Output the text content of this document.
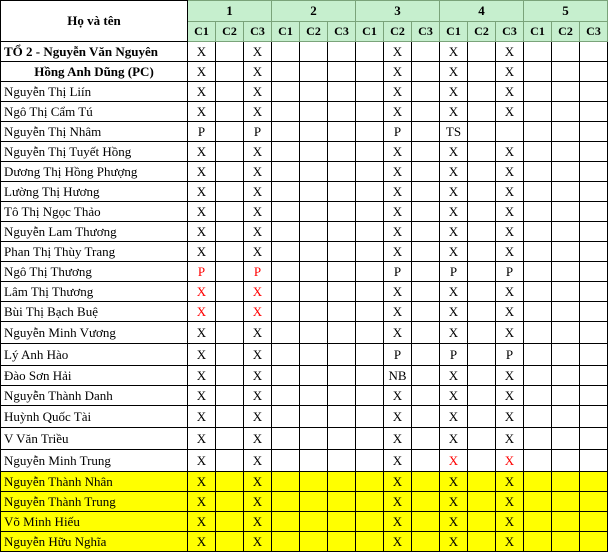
Họ và tên	1			2			3			4			5		
	C1	C2	C3	C1	C2	C3	C1	C2	C3	C1	C2	C3	C1	C2	C3
TỔ 2 - Nguyễn Văn Nguyên	X		X					X		X		X			
Hồng Anh Dũng (PC)	X		X					X		X		X			
Nguyễn Thị Liín	X		X					X		X		X			
Ngô Thị Cẩm Tú	X		X					X		X		X			
Nguyễn Thị Nhâm	P		P					P		TS					
Nguyễn Thị Tuyết Hồng	X		X					X		X		X			
Dương Thị Hồng Phượng	X		X					X		X		X			
Lường Thị Hương	X		X					X		X		X			
Tô Thị Ngọc Thảo	X		X					X		X		X			
Nguyễn Lam Thương	X		X					X		X		X			
Phan Thị Thùy Trang	X		X					X		X		X			
Ngô Thị Thương	P		P					P		P		P			
Lâm Thị Thương	X		X					X		X		X			
Bùi Thị Bạch Buệ	X		X					X		X		X			
Nguyễn Minh Vương	X		X					X		X		X			
Lý Anh Hào	X		X					P		P		P			
Đào Sơn Hải	X		X					NB		X		X			
Nguyễn Thành Danh	X		X					X		X		X			
Huỳnh Quốc Tài	X		X					X		X		X			
V Văn Triều	X		X					X		X		X			
Nguyễn Minh Trung	X		X					X		X		X			
Nguyễn Thành Nhân	X		X					X		X		X			
Nguyễn Thành Trung	X		X					X		X		X			
Võ Minh Hiếu	X		X					X		X		X			
Nguyễn Hữu Nghĩa	X		X					X		X		X			
